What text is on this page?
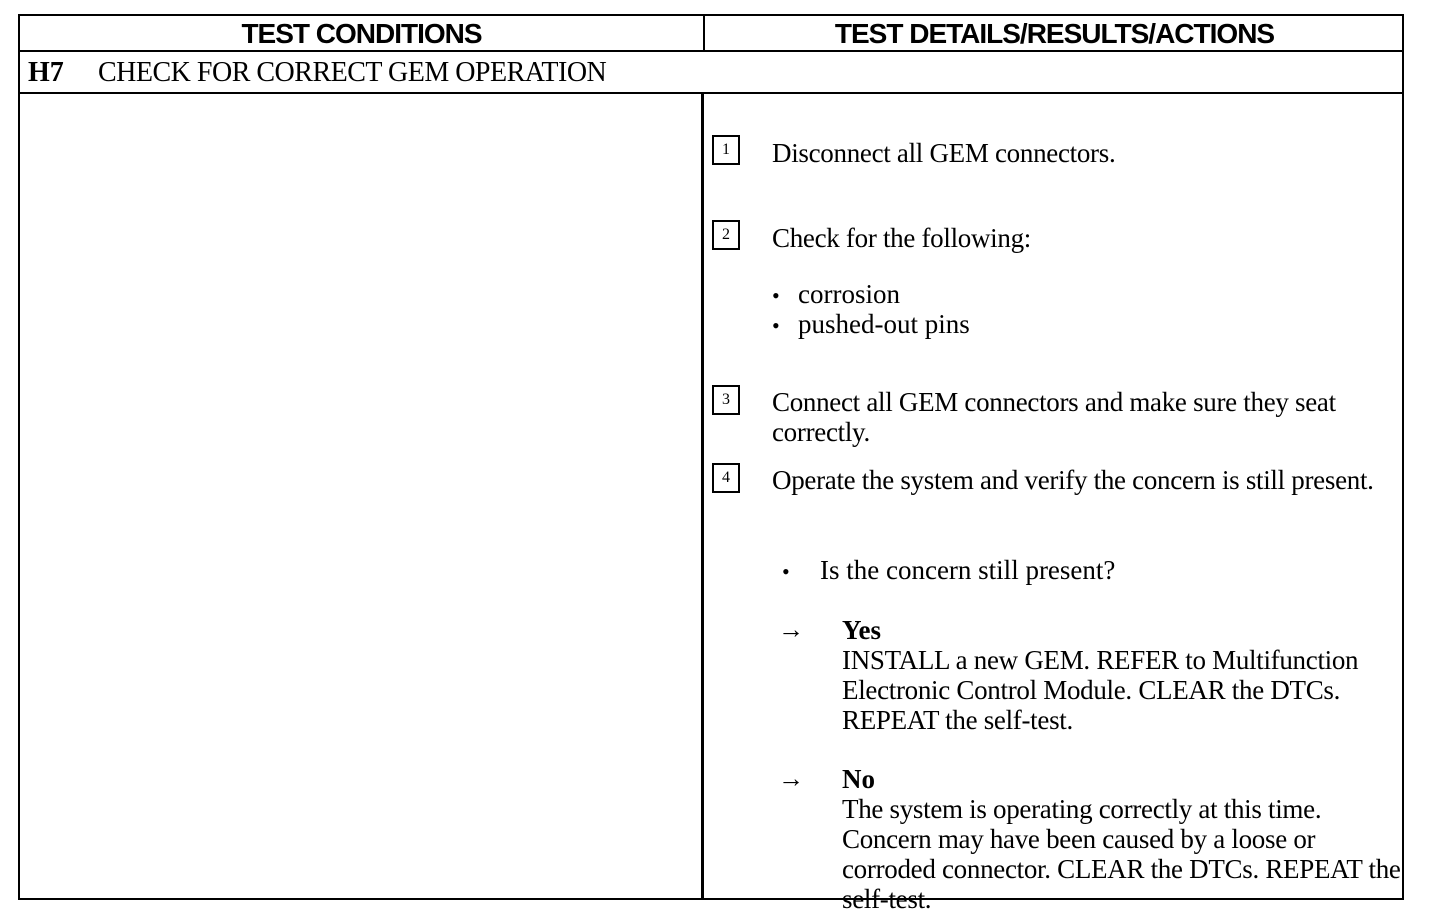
TEST CONDITIONS	TEST DETAILS/RESULTS/ACTIONS
H7 CHECK FOR CORRECT GEM OPERATION
1	Disconnect all GEM connectors.
2	Check for the following:
• corrosion
• pushed-out pins
3	Connect all GEM connectors and make sure they seat correctly.
4	Operate the system and verify the concern is still present.
• Is the concern still present?
→ Yes
INSTALL a new GEM. REFER to Multifunction Electronic Control Module. CLEAR the DTCs. REPEAT the self-test.
→ No
The system is operating correctly at this time. Concern may have been caused by a loose or corroded connector. CLEAR the DTCs. REPEAT the self-test.
